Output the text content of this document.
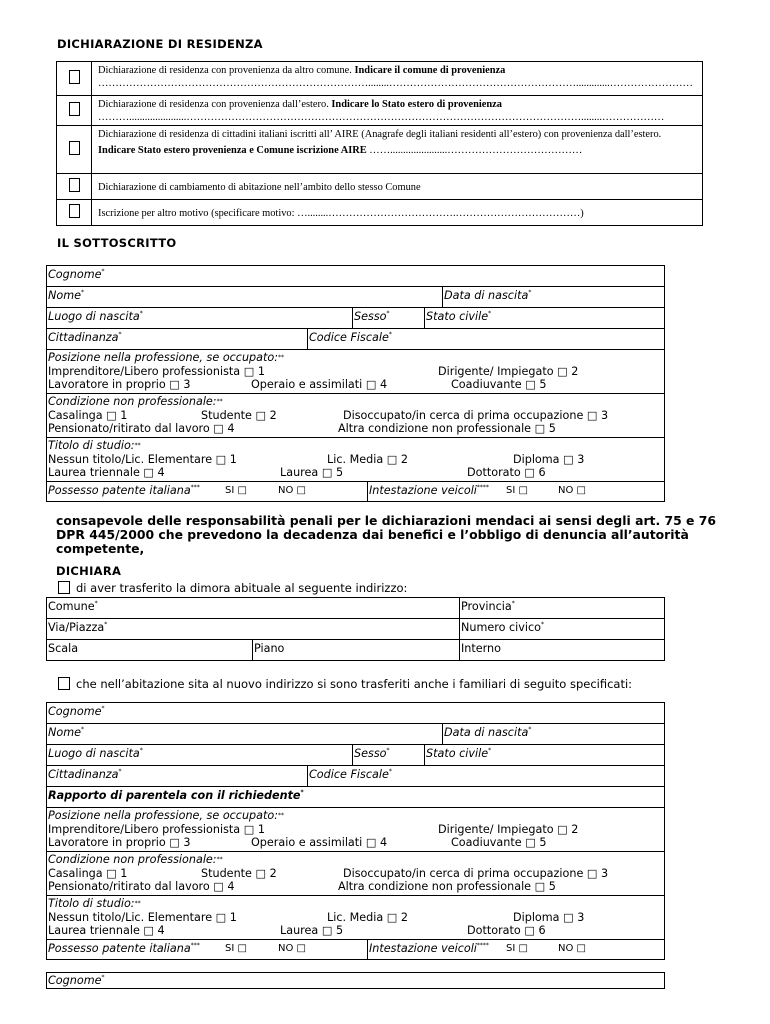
DICHIARAZIONE DI RESIDENZA
	Dichiarazione di residenza con provenienza da altro comune. Indicare il comune di provenienza
……………………………………………………………………........……………………………………………….............……………………

	Dichiarazione di residenza con provenienza dall’estero. Indicare lo Stato estero di provenienza
………......................……………………………………………………………………………………………………........………………

	Dichiarazione di residenza di cittadini italiani iscritti all’ AIRE (Anagrafe degli italiani residenti all’estero) con provenienza dall’estero.
Indicare Stato estero provenienza e Comune iscrizione AIRE ……......................…………………………………

	Dichiarazione di cambiamento di abitazione nell’ambito dello stesso Comune
	Iscrizione per altro motivo (specificare motivo: …........……………………………….………………………………)
IL SOTTOSCRITTO
Cognome*
Nome*	Data di nascita*
Luogo di nascita*	Sesso*	Stato civile*
Cittadinanza*	Codice Fiscale*
Posizione nella professione, se occupato:**
Imprenditore/Libero professionista □ 1	Dirigente/ Impiegato □ 2
Lavoratore in proprio □ 3	Operaio e assimilati □ 4	Coadiuvante □ 5
Condizione non professionale:**
Casalinga □ 1	Studente □ 2	Disoccupato/in cerca di prima occupazione □ 3
Pensionato/ritirato dal lavoro □ 4	Altra condizione non professionale □ 5
Titolo di studio:**
Nessun titolo/Lic. Elementare □ 1	Lic. Media □ 2	Diploma □ 3
Laurea triennale □ 4	Laurea □ 5	Dottorato □ 6
Possesso patente italiana***	SI □	NO □	Intestazione veicoli**** SI □	NO □
consapevole delle responsabilità penali per le dichiarazioni mendaci ai sensi degli art. 75 e 76 DPR 445/2000 che prevedono la decadenza dai benefici e l’obbligo di denuncia all’autorità competente,
DICHIARA
di aver trasferito la dimora abituale al seguente indirizzo:
Comune*	Provincia*
Via/Piazza*	Numero civico*
Scala	Piano	Interno
che nell’abitazione sita al nuovo indirizzo si sono trasferiti anche i familiari di seguito specificati:
Cognome*
Nome*	Data di nascita*
Luogo di nascita*	Sesso*	Stato civile*
Cittadinanza*	Codice Fiscale*
Rapporto di parentela con il richiedente*
Posizione nella professione, se occupato:**
Imprenditore/Libero professionista □ 1	Dirigente/ Impiegato □ 2
Lavoratore in proprio □ 3	Operaio e assimilati □ 4	Coadiuvante □ 5
Condizione non professionale:**
Casalinga □ 1	Studente □ 2	Disoccupato/in cerca di prima occupazione □ 3
Pensionato/ritirato dal lavoro □ 4	Altra condizione non professionale □ 5
Titolo di studio:**
Nessun titolo/Lic. Elementare □ 1	Lic. Media □ 2	Diploma □ 3
Laurea triennale □ 4	Laurea □ 5	Dottorato □ 6
Possesso patente italiana***	SI □	NO □	Intestazione veicoli**** SI □	NO □
Cognome*
